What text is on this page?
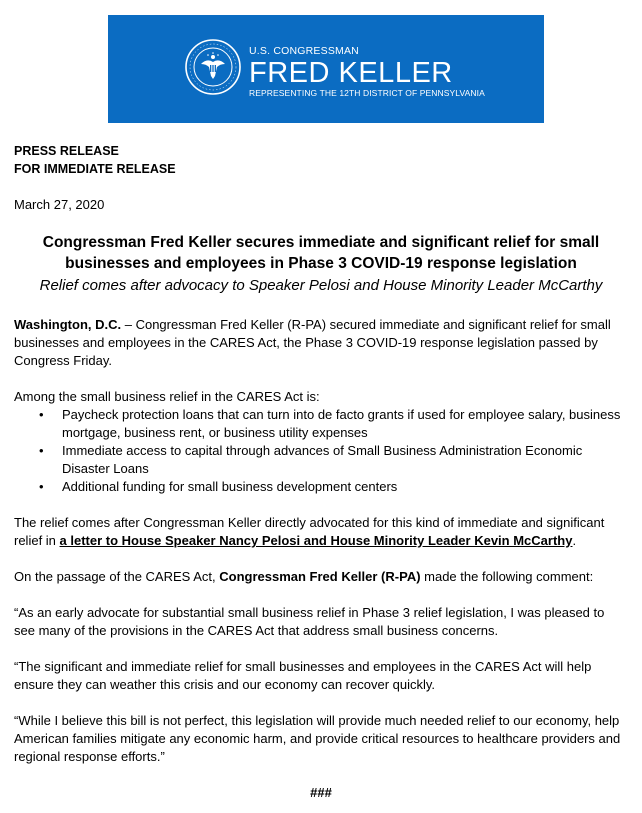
U.S. CONGRESSMAN
FRED KELLER
REPRESENTING THE 12TH DISTRICT OF PENNSYLVANIA
PRESS RELEASE
FOR IMMEDIATE RELEASE
March 27, 2020
Congressman Fred Keller secures immediate and significant relief for small businesses and employees in Phase 3 COVID-19 response legislation
Relief comes after advocacy to Speaker Pelosi and House Minority Leader McCarthy
Washington, D.C. – Congressman Fred Keller (R-PA) secured immediate and significant relief for small businesses and employees in the CARES Act, the Phase 3 COVID-19 response legislation passed by Congress Friday.
Among the small business relief in the CARES Act is:
• Paycheck protection loans that can turn into de facto grants if used for employee salary, business mortgage, business rent, or business utility expenses
• Immediate access to capital through advances of Small Business Administration Economic Disaster Loans
• Additional funding for small business development centers
The relief comes after Congressman Keller directly advocated for this kind of immediate and significant relief in a letter to House Speaker Nancy Pelosi and House Minority Leader Kevin McCarthy.
On the passage of the CARES Act, Congressman Fred Keller (R-PA) made the following comment:
“As an early advocate for substantial small business relief in Phase 3 relief legislation, I was pleased to see many of the provisions in the CARES Act that address small business concerns.
“The significant and immediate relief for small businesses and employees in the CARES Act will help ensure they can weather this crisis and our economy can recover quickly.
“While I believe this bill is not perfect, this legislation will provide much needed relief to our economy, help American families mitigate any economic harm, and provide critical resources to healthcare providers and regional response efforts.”
###
